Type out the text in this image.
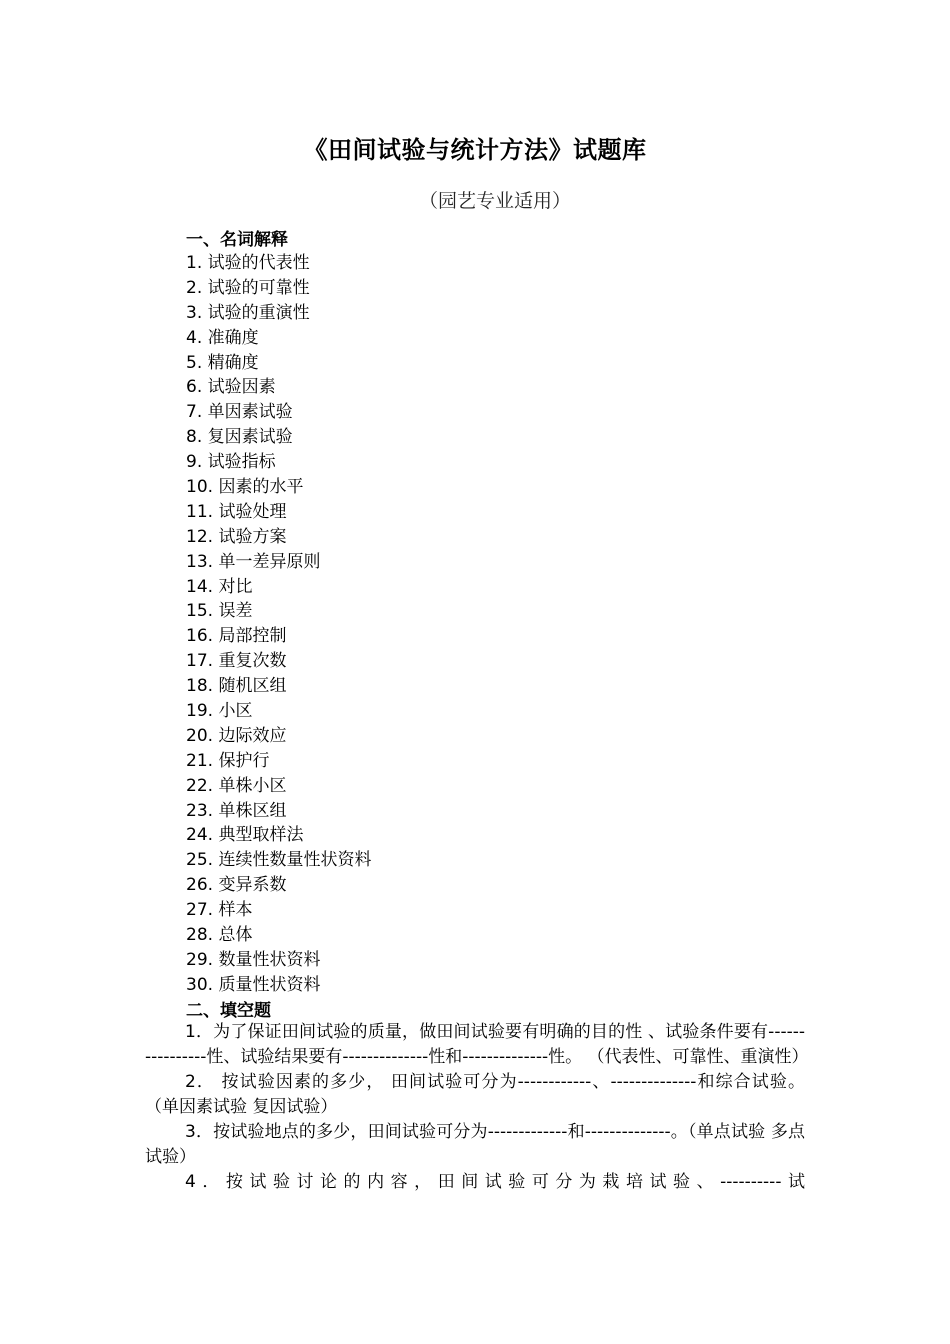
《田间试验与统计方法》试题库
（园艺专业适用）
一、名词解释
1. 试验的代表性
2. 试验的可靠性
3. 试验的重演性
4. 准确度
5. 精确度
6. 试验因素
7. 单因素试验
8. 复因素试验
9. 试验指标
10. 因素的水平
11. 试验处理
12. 试验方案
13. 单一差异原则
14. 对比
15. 误差
16. 局部控制
17. 重复次数
18. 随机区组
19. 小区
20. 边际效应
21. 保护行
22. 单株小区
23. 单株区组
24. 典型取样法
25. 连续性数量性状资料
26. 变异系数
27. 样本
28. 总体
29. 数量性状资料
30. 质量性状资料
二、填空题

1．为了保证田间试验的质量，做田间试验要有明确的目的性 、试验条件要有----------------性、试验结果要有--------------性和--------------性。 （代表性、可靠性、重演性）

2． 按试验因素的多少， 田间试验可分为------------、--------------和综合试验。 （单因素试验 复因试验）

3．按试验地点的多少，田间试验可分为-------------和--------------。（单点试验 多点试验）

4．按试验讨论的内容，田间试验可分为栽培试验、----------试
